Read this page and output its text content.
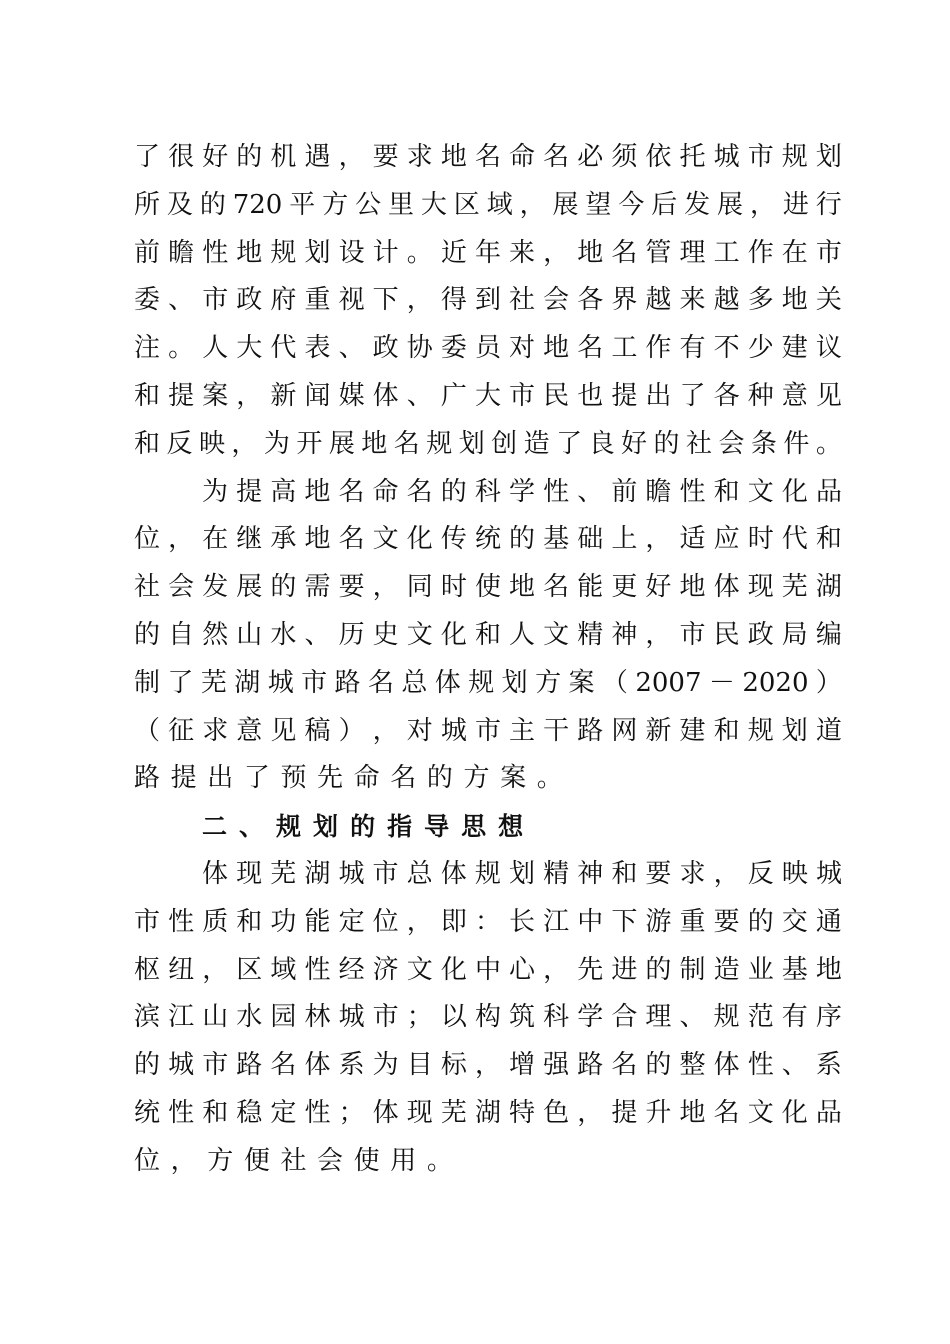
了 很 好 的 机 遇 ， 要 求 地 名 命 名 必 须 依 托 城 市 规 划
所 及 的 720 平 方 公 里 大 区 域 ， 展 望 今 后 发 展 ， 进 行
前 瞻 性 地 规 划 设 计 。 近 年 来 ， 地 名 管 理 工 作 在 市
委 、 市 政 府 重 视 下 ， 得 到 社 会 各 界 越 来 越 多 地 关
注 。 人 大 代 表 、 政 协 委 员 对 地 名 工 作 有 不 少 建 议
和 提 案 ， 新 闻 媒 体 、 广 大 市 民 也 提 出 了 各 种 意 见
和 反 映 ， 为 开 展 地 名 规 划 创 造 了 良 好 的 社 会 条 件 。
为 提 高 地 名 命 名 的 科 学 性 、 前 瞻 性 和 文 化 品
位 ， 在 继 承 地 名 文 化 传 统 的 基 础 上 ， 适 应 时 代 和
社 会 发 展 的 需 要 ， 同 时 使 地 名 能 更 好 地 体 现 芜 湖
的 自 然 山 水 、 历 史 文 化 和 人 文 精 神 ， 市 民 政 局 编
制 了 芜 湖 城 市 路 名 总 体 规 划 方 案 （ 2007 － 2020 ）
（ 征 求 意 见 稿 ） ， 对 城 市 主 干 路 网 新 建 和 规 划 道
路 提 出 了 预 先 命 名 的 方 案 。
二 、 规 划 的 指 导 思 想
体 现 芜 湖 城 市 总 体 规 划 精 神 和 要 求 ， 反 映 城
市 性 质 和 功 能 定 位 ， 即 ： 长 江 中 下 游 重 要 的 交 通
枢 纽 ， 区 域 性 经 济 文 化 中 心 ， 先 进 的 制 造 业 基 地
滨 江 山 水 园 林 城 市 ； 以 构 筑 科 学 合 理 、 规 范 有 序
的 城 市 路 名 体 系 为 目 标 ， 增 强 路 名 的 整 体 性 、 系
统 性 和 稳 定 性 ； 体 现 芜 湖 特 色 ， 提 升 地 名 文 化 品
位 ， 方 便 社 会 使 用 。
